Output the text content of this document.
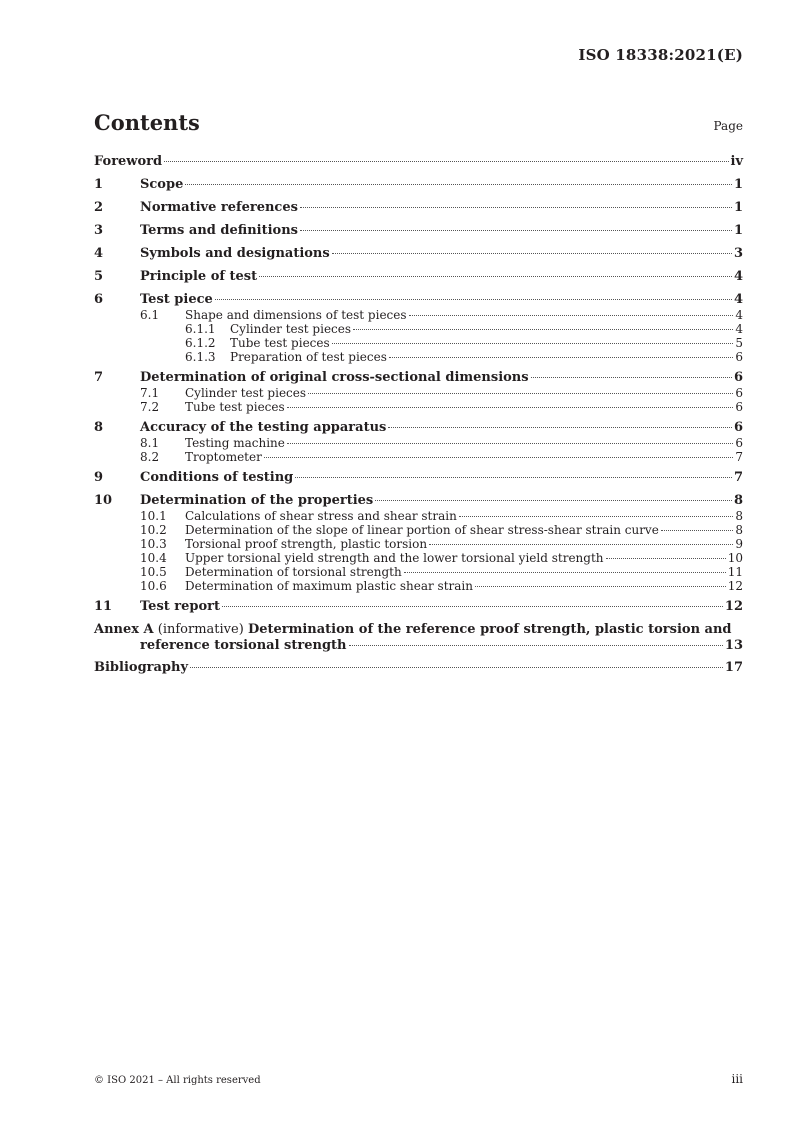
ISO 18338:2021(E)
Contents	Page
Foreword	iv
1	Scope	1
2	Normative references	1
3	Terms and definitions	1
4	Symbols and designations	3
5	Principle of test	4
6	Test piece	4
6.1	Shape and dimensions of test pieces	4
6.1.1	Cylinder test pieces	4
6.1.2	Tube test pieces	5
6.1.3	Preparation of test pieces	6
7	Determination of original cross-sectional dimensions	6
7.1	Cylinder test pieces	6
7.2	Tube test pieces	6
8	Accuracy of the testing apparatus	6
8.1	Testing machine	6
8.2	Troptometer	7
9	Conditions of testing	7
10	Determination of the properties	8
10.1	Calculations of shear stress and shear strain	8
10.2	Determination of the slope of linear portion of shear stress-shear strain curve	8
10.3	Torsional proof strength, plastic torsion	9
10.4	Upper torsional yield strength and the lower torsional yield strength	10
10.5	Determination of torsional strength	11
10.6	Determination of maximum plastic shear strain	12
11	Test report	12
Annex A (informative) Determination of the reference proof strength, plastic torsion and
reference torsional strength	13
Bibliography	17
© ISO 2021 – All rights reserved	iii
